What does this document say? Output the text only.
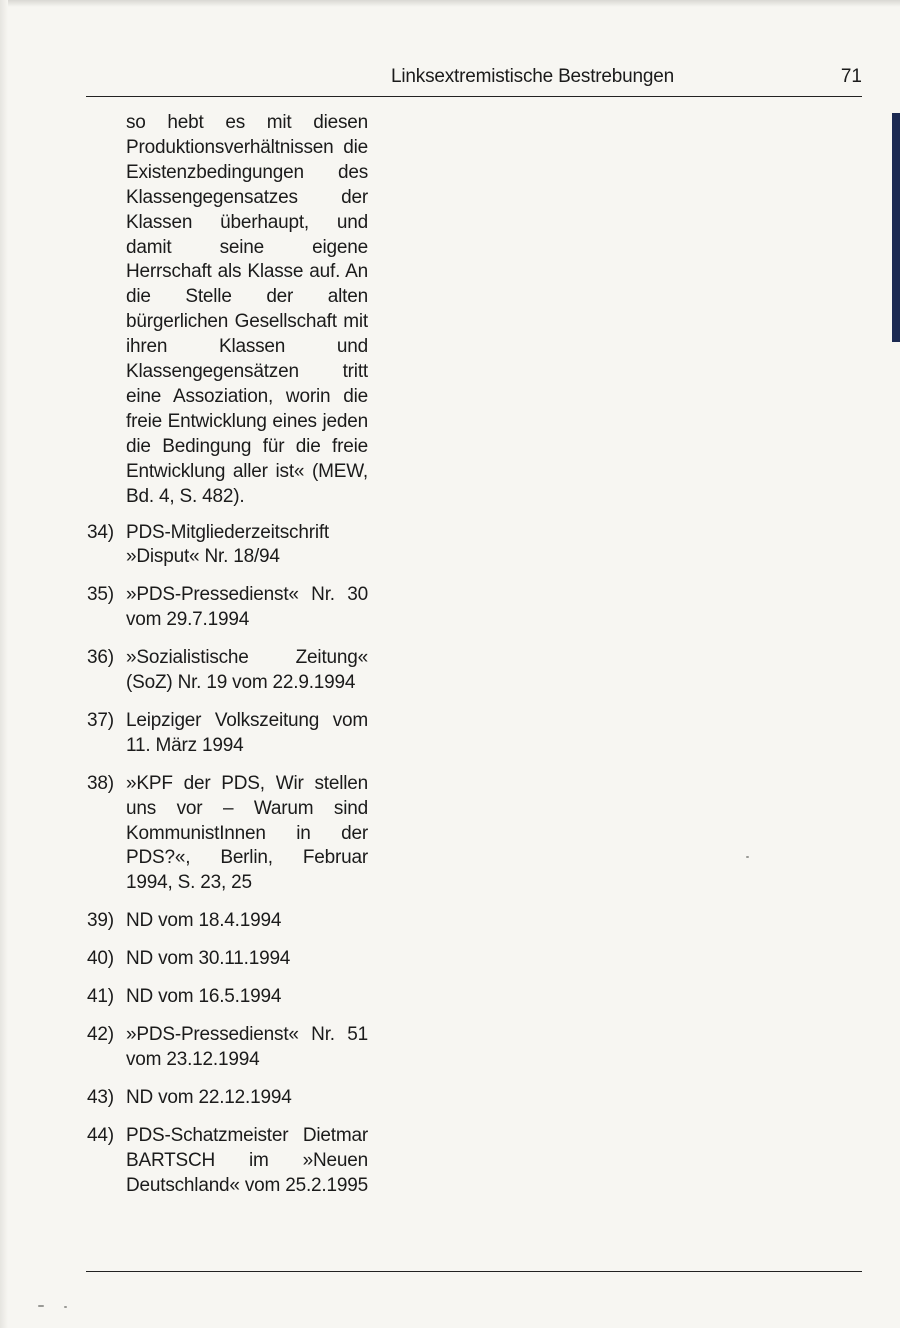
Linksextremistische Bestrebungen	71
so hebt es mit diesen Produktionsverhältnissen die Existenzbedingungen des Klassengegensatzes der Klassen überhaupt, und damit seine eigene Herrschaft als Klasse auf. An die Stelle der alten bürgerlichen Gesellschaft mit ihren Klassen und Klassengegensätzen tritt eine Assoziation, worin die freie Entwicklung eines jeden die Bedingung für die freie Entwicklung aller ist« (MEW, Bd. 4, S. 482).
34) PDS-Mitgliederzeitschrift »Disput« Nr. 18/94
35) »PDS-Pressedienst« Nr. 30 vom 29.7.1994
36) »Sozialistische Zeitung« (SoZ) Nr. 19 vom 22.9.1994
37) Leipziger Volkszeitung vom 11. März 1994
38) »KPF der PDS, Wir stellen uns vor – Warum sind KommunistInnen in der PDS?«, Berlin, Februar 1994, S. 23, 25
39) ND vom 18.4.1994
40) ND vom 30.11.1994
41) ND vom 16.5.1994
42) »PDS-Pressedienst« Nr. 51 vom 23.12.1994
43) ND vom 22.12.1994
44) PDS-Schatzmeister Dietmar BARTSCH im »Neuen Deutschland« vom 25.2.1995
